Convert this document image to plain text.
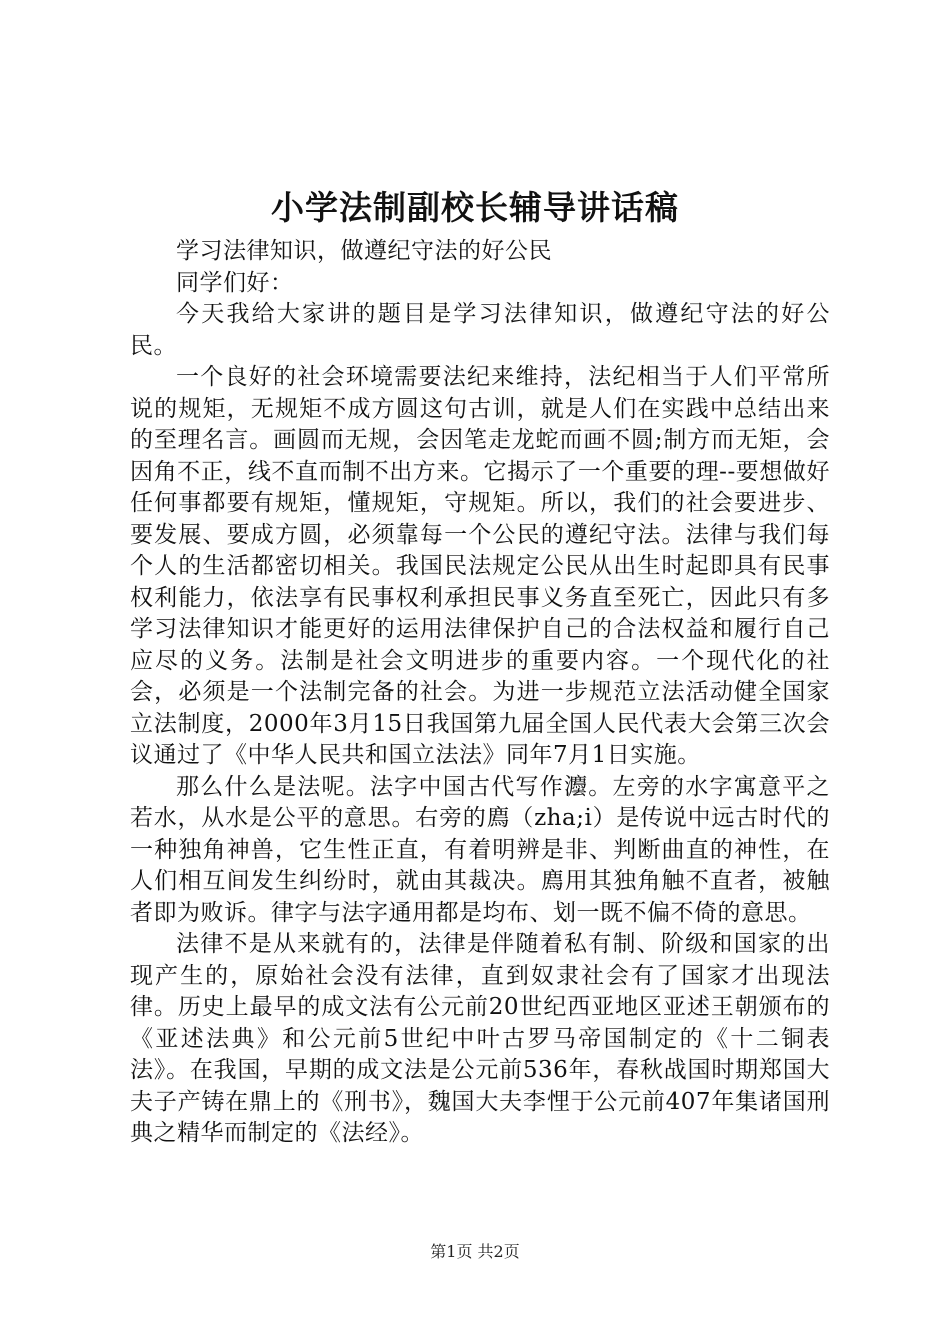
小学法制副校长辅导讲话稿

学习法律知识，做遵纪守法的好公民

同学们好：

今天我给大家讲的题目是学习法律知识，做遵纪守法的好公民。

一个良好的社会环境需要法纪来维持，法纪相当于人们平常所说的规矩，无规矩不成方圆这句古训，就是人们在实践中总结出来的至理名言。画圆而无规，会因笔走龙蛇而画不圆;制方而无矩，会因角不正，线不直而制不出方来。它揭示了一个重要的理--要想做好任何事都要有规矩，懂规矩，守规矩。所以，我们的社会要进步、要发展、要成方圆，必须靠每一个公民的遵纪守法。法律与我们每个人的生活都密切相关。我国民法规定公民从出生时起即具有民事权利能力，依法享有民事权利承担民事义务直至死亡，因此只有多学习法律知识才能更好的运用法律保护自己的合法权益和履行自己应尽的义务。法制是社会文明进步的重要内容。一个现代化的社会，必须是一个法制完备的社会。为进一步规范立法活动健全国家立法制度，2000年3月15日我国第九届全国人民代表大会第三次会议通过了《中华人民共和国立法法》同年7月1日实施。

那么什么是法呢。法字中国古代写作灋。左旁的水字寓意平之若水，从水是公平的意思。右旁的廌（zha;i）是传说中远古时代的一种独角神兽，它生性正直，有着明辨是非、判断曲直的神性，在人们相互间发生纠纷时，就由其裁决。廌用其独角触不直者，被触者即为败诉。律字与法字通用都是均布、划一既不偏不倚的意思。

法律不是从来就有的，法律是伴随着私有制、阶级和国家的出现产生的，原始社会没有法律，直到奴隶社会有了国家才出现法律。历史上最早的成文法有公元前20世纪西亚地区亚述王朝颁布的《亚述法典》和公元前5世纪中叶古罗马帝国制定的《十二铜表法》。在我国，早期的成文法是公元前536年，春秋战国时期郑国大夫子产铸在鼎上的《刑书》，魏国大夫李悝于公元前407年集诸国刑典之精华而制定的《法经》。

第1页 共2页
